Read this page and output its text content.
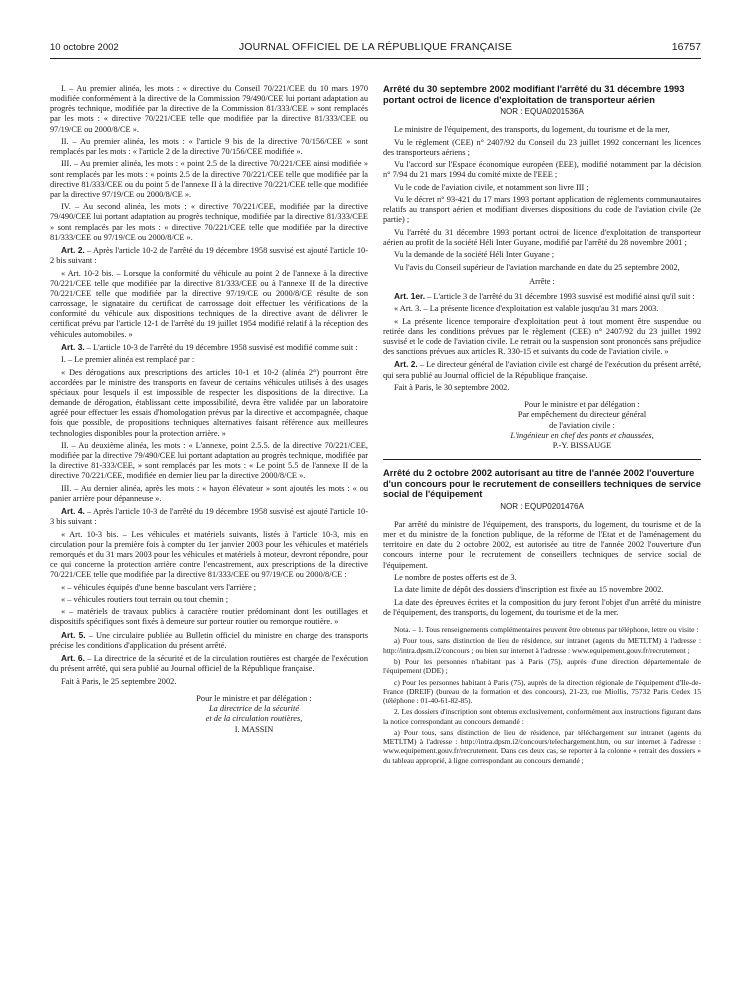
10 octobre 2002	JOURNAL OFFICIEL DE LA RÉPUBLIQUE FRANÇAISE	16757

I. – Au premier alinéa, les mots : « directive du Conseil 70/221/CEE du 10 mars 1970 modifiée conformément à la directive de la Commission 79/490/CEE lui portant adaptation au progrès technique, modifiée par la directive de la Commission 81/333/CEE » sont remplacés par les mots : « directive 70/221/CEE telle que modifiée par la directive 81/333/CEE ou 97/19/CE ou 2000/8/CE ».

II. – Au premier alinéa, les mots : « l'article 9 bis de la directive 70/156/CEE » sont remplacés par les mots : « l'article 2 de la directive 70/156/CEE modifiée ».

III. – Au premier alinéa, les mots : « point 2.5 de la directive 70/221/CEE ainsi modifiée » sont remplacés par les mots : « points 2.5 de la directive 70/221/CEE telle que modifiée par la directive 81/333/CEE ou du point 5 de l'annexe II à la directive 70/221/CEE telle que modifiée par la directive 97/19/CE ou 2000/8/CE ».

IV. – Au second alinéa, les mots : « directive 70/221/CEE, modifiée par la directive 79/490/CEE lui portant adaptation au progrès technique, modifiée par la directive 81/333/CEE » sont remplacés par les mots : « directive 70/221/CEE telle que modifiée par la directive 81/333/CEE ou 97/19/CE ou 2000/8/CE ».

Art. 2. – Après l'article 10-2 de l'arrêté du 19 décembre 1958 susvisé est ajouté l'article 10-2 bis suivant :

« Art. 10-2 bis. – Lorsque la conformité du véhicule au point 2 de l'annexe à la directive 70/221/CEE telle que modifiée par la directive 81/333/CEE ou à l'annexe II de la directive 70/221/CEE telle que modifiée par la directive 97/19/CE ou 2000/8/CE résulte de son carrossage, le signataire du certificat de carrossage doit effectuer les vérifications de la conformité du véhicule aux dispositions techniques de la directive avant de délivrer le certificat prévu par l'article 12-1 de l'arrêté du 19 juillet 1954 modifié relatif à la réception des véhicules automobiles. »

Art. 3. – L'article 10-3 de l'arrêté du 19 décembre 1958 susvisé est modifié comme suit :

I. – Le premier alinéa est remplacé par :

« Des dérogations aux prescriptions des articles 10-1 et 10-2 (alinéa 2°) pourront être accordées par le ministre des transports en faveur de certains véhicules utilisés à des usages spéciaux pour lesquels il est impossible de respecter les dispositions de la directive. La demande de dérogation, établissant cette impossibilité, devra être validée par un laboratoire agréé pour effectuer les essais d'homologation prévus par la directive et accompagnée, chaque fois que possible, de propositions techniques alternatives faisant référence aux meilleures technologies disponibles pour la protection arrière. »

II. – Au deuxième alinéa, les mots : « L'annexe, point 2.5.5. de la directive 70/221/CEE, modifiée par la directive 79/490/CEE lui portant adaptation au progrès technique, modifiée par la directive 81-333/CEE, » sont remplacés par les mots : « Le point 5.5 de l'annexe II de la directive 70/221/CEE, modifiée en dernier lieu par la directive 2000/8/CE ».

III. – Au dernier alinéa, après les mots : « hayon élévateur » sont ajoutés les mots : « ou panier arrière pour dépanneuse ».

Art. 4. – Après l'article 10-3 de l'arrêté du 19 décembre 1958 susvisé est ajouté l'article 10-3 bis suivant :

« Art. 10-3 bis. – Les véhicules et matériels suivants, listés à l'article 10-3, mis en circulation pour la première fois à compter du 1er janvier 2003 pour les véhicules et matériels remorqués et du 31 mars 2003 pour les véhicules et matériels à moteur, devront répondre, pour ce qui concerne la protection arrière contre l'encastrement, aux prescriptions de la directive 70/221/CEE telle que modifiée par la directive 81/333/CEE ou 97/19/CE ou 2000/8/CE :

« – véhicules équipés d'une benne basculant vers l'arrière ;

« – véhicules routiers tout terrain ou tout chemin ;

« – matériels de travaux publics à caractère routier prédominant dont les outillages et dispositifs spécifiques sont fixés à demeure sur porteur routier ou remorque routière. »

Art. 5. – Une circulaire publiée au Bulletin officiel du ministre en charge des transports précise les conditions d'application du présent arrêté.

Art. 6. – La directrice de la sécurité et de la circulation routières est chargée de l'exécution du présent arrêté, qui sera publié au Journal officiel de la République française.

Fait à Paris, le 25 septembre 2002.

Pour le ministre et par délégation :

La directrice de la sécurité

et de la circulation routières,

I. MASSIN

Arrêté du 30 septembre 2002 modifiant l'arrêté du 31 décembre 1993 portant octroi de licence d'exploitation de transporteur aérien

NOR : EQUA0201536A

Le ministre de l'équipement, des transports, du logement, du tourisme et de la mer,

Vu le règlement (CEE) n° 2407/92 du Conseil du 23 juillet 1992 concernant les licences des transporteurs aériens ;

Vu l'accord sur l'Espace économique européen (EEE), modifié notamment par la décision n° 7/94 du 21 mars 1994 du comité mixte de l'EEE ;

Vu le code de l'aviation civile, et notamment son livre III ;

Vu le décret n° 93-421 du 17 mars 1993 portant application de règlements communautaires relatifs au transport aérien et modifiant diverses dispositions du code de l'aviation civile (2e partie) ;

Vu l'arrêté du 31 décembre 1993 portant octroi de licence d'exploitation de transporteur aérien au profit de la société Héli Inter Guyane, modifié par l'arrêté du 28 novembre 2001 ;

Vu la demande de la société Héli Inter Guyane ;

Vu l'avis du Conseil supérieur de l'aviation marchande en date du 25 septembre 2002,

Arrête :

Art. 1er. – L'article 3 de l'arrêté du 31 décembre 1993 susvisé est modifié ainsi qu'il suit :

« Art. 3. – La présente licence d'exploitation est valable jusqu'au 31 mars 2003.

« La présente licence temporaire d'exploitation peut à tout moment être suspendue ou retirée dans les conditions prévues par le règlement (CEE) n° 2407/92 du 23 juillet 1992 susvisé et le code de l'aviation civile. Le retrait ou la suspension sont prononcés sans préjudice des sanctions prévues aux articles R. 330-15 et suivants du code de l'aviation civile. »

Art. 2. – Le directeur général de l'aviation civile est chargé de l'exécution du présent arrêté, qui sera publié au Journal officiel de la République française.

Fait à Paris, le 30 septembre 2002.

Pour le ministre et par délégation :

Par empêchement du directeur général

de l'aviation civile :

L'ingénieur en chef des ponts et chaussées,

P.-Y. BISSAUGE

Arrêté du 2 octobre 2002 autorisant au titre de l'année 2002 l'ouverture d'un concours pour le recrutement de conseillers techniques de service social de l'équipement

NOR : EQUP0201476A

Par arrêté du ministre de l'équipement, des transports, du logement, du tourisme et de la mer et du ministre de la fonction publique, de la réforme de l'Etat et de l'aménagement du territoire en date du 2 octobre 2002, est autorisée au titre de l'année 2002 l'ouverture d'un concours interne pour le recrutement de conseillers techniques de service social de l'équipement.

Le nombre de postes offerts est de 3.

La date limite de dépôt des dossiers d'inscription est fixée au 15 novembre 2002.

La date des épreuves écrites et la composition du jury feront l'objet d'un arrêté du ministre de l'équipement, des transports, du logement, du tourisme et de la mer.

Nota. – 1. Tous renseignements complémentaires peuvent être obtenus par téléphone, lettre ou visite :

a) Pour tous, sans distinction de lieu de résidence, sur intranet (agents du METLTM) à l'adresse : http://intra.dpsm.i2/concours ; ou bien sur internet à l'adresse : www.equipement.gouv.fr/recrutement ;

b) Pour les personnes n'habitant pas à Paris (75), auprès d'une direction départementale de l'équipement (DDE) ;

c) Pour les personnes habitant à Paris (75), auprès de la direction régionale de l'équipement d'Ile-de-France (DREIF) (bureau de la formation et des concours), 21-23, rue Miollis, 75732 Paris Cedex 15 (téléphone : 01-40-61-82-85).

2. Les dossiers d'inscription sont obtenus exclusivement, conformément aux instructions figurant dans la notice correspondant au concours demandé :

a) Pour tous, sans distinction de lieu de résidence, par téléchargement sur intranet (agents du METLTM) à l'adresse : http://intra.dpsm.i2/concours/telechargement.htm, ou sur internet à l'adresse : www.equipement.gouv.fr/recrutement. Dans ces deux cas, se reporter à la colonne « retrait des dossiers » du tableau approprié, à ligne correspondant au concours demandé ;
